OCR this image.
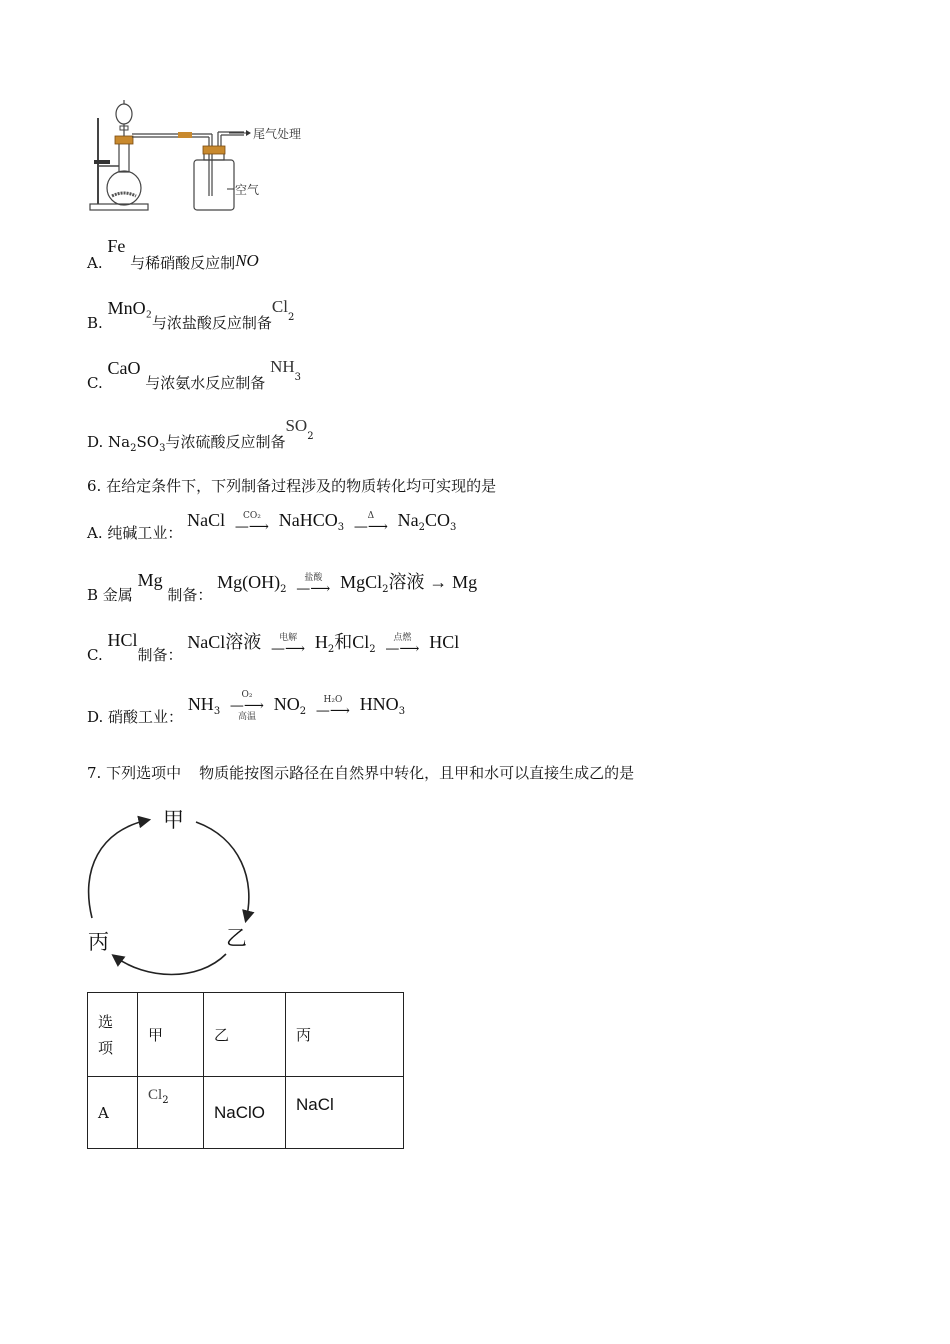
尾气处理
空气
A. Fe 与稀硝酸反应制NO
B. MnO₂与浓盐酸反应制备$Cl_2$
C. CaO 与浓氨水反应制备 $NH_3$
D. $Na_2SO_3$与浓硫酸反应制备$SO_2$
6. 在给定条件下，下列制备过程涉及的物质转化均可实现的是
A. 纯碱工业： NaCl	CO₂
—⟶ NaHCO$_3$
Δ
—⟶ $Na_2CO_3$
B 金属 Mg 制备： $Mg(OH)_2$
盐酸
—⟶ MgCl$_2$溶液 → Mg
C. HCl制备： NaCl溶液	电解
—⟶ $H_2$和$Cl_2$
点燃
—⟶ HCl
D. 硝酸工业： $NH_3$
O₂
—⟶
高温
$NO_2$
H₂O
—⟶ $HNO_3$
7. 下列选项中 物质能按图示路径在自然界中转化，且甲和水可以直接生成乙的是
甲
乙
丙
选
项	甲	乙	丙
A	$Cl_2$	NaClO	NaCl
